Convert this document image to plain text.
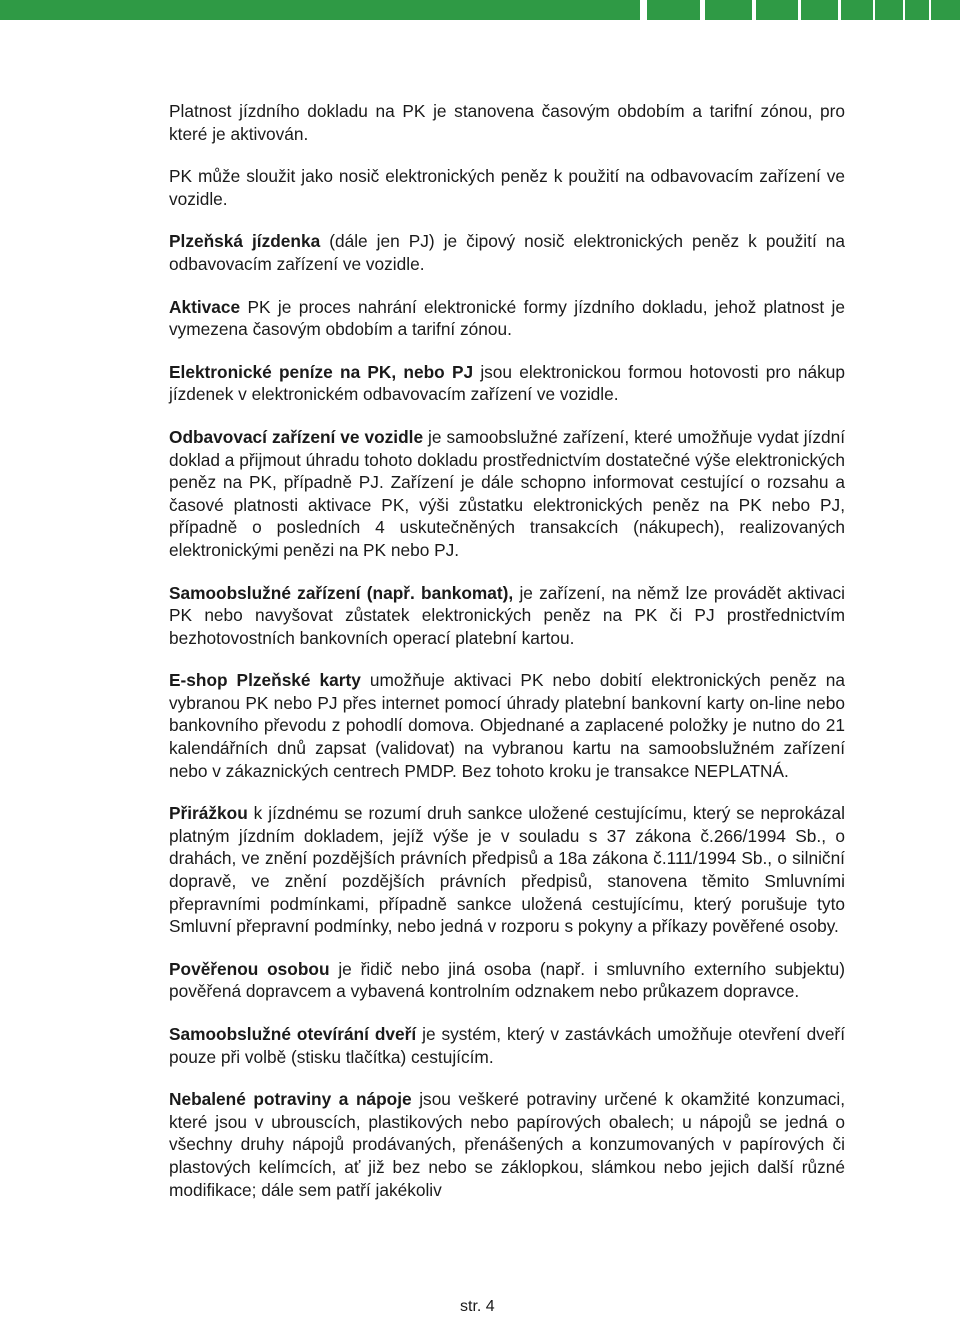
Platnost jízdního dokladu na PK je stanovena časovým obdobím a tarifní zónou, pro které je aktivován.

PK může sloužit jako nosič elektronických peněz k použití na odbavovacím zařízení ve vozidle.

Plzeňská jízdenka (dále jen PJ) je čipový nosič elektronických peněz k použití na odbavovacím zařízení ve vozidle.

Aktivace PK je proces nahrání elektronické formy jízdního dokladu, jehož platnost je vymezena časovým obdobím a tarifní zónou.

Elektronické peníze na PK, nebo PJ jsou elektronickou formou hotovosti pro nákup jízdenek v elektronickém odbavovacím zařízení ve vozidle.

Odbavovací zařízení ve vozidle je samoobslužné zařízení, které umožňuje vydat jízdní doklad a přijmout úhradu tohoto dokladu prostřednictvím dostatečné výše elektronických peněz na PK, případně PJ. Zařízení je dále schopno informovat cestující o rozsahu a časové platnosti aktivace PK, výši zůstatku elektronických peněz na PK nebo PJ, případně o posledních 4 uskutečněných transakcích (nákupech), realizovaných elektronickými penězi na PK nebo PJ.

Samoobslužné zařízení (např. bankomat), je zařízení, na němž lze provádět aktivaci PK nebo navyšovat zůstatek elektronických peněz na PK či PJ prostřednictvím bezhotovostních bankovních operací platební kartou.

E-shop Plzeňské karty umožňuje aktivaci PK nebo dobití elektronických peněz na vybranou PK nebo PJ přes internet pomocí úhrady platební bankovní karty on-line nebo bankovního převodu z pohodlí domova. Objednané a zaplacené položky je nutno do 21 kalendářních dnů zapsat (validovat) na vybranou kartu na samoobslužném zařízení nebo v zákaznických centrech PMDP. Bez tohoto kroku je transakce NEPLATNÁ.

Přirážkou k jízdnému se rozumí druh sankce uložené cestujícímu, který se neprokázal platným jízdním dokladem, jejíž výše je v souladu s 37 zákona č.266/1994 Sb., o drahách, ve znění pozdějších právních předpisů a 18a zákona č.111/1994 Sb., o silniční dopravě, ve znění pozdějších právních předpisů, stanovena těmito Smluvními přepravními podmínkami, případně sankce uložená cestujícímu, který porušuje tyto Smluvní přepravní podmínky, nebo jedná v rozporu s pokyny a příkazy pověřené osoby.

Pověřenou osobou je řidič nebo jiná osoba (např. i smluvního externího subjektu) pověřená dopravcem a vybavená kontrolním odznakem nebo průkazem dopravce.

Samoobslužné otevírání dveří je systém, který v zastávkách umožňuje otevření dveří pouze při volbě (stisku tlačítka) cestujícím.

Nebalené potraviny a nápoje jsou veškeré potraviny určené k okamžité konzumaci, které jsou v ubrouscích, plastikových nebo papírových obalech; u nápojů se jedná o všechny druhy nápojů prodávaných, přenášených a konzumovaných v papírových či plastových kelímcích, ať již bez nebo se záklopkou, slámkou nebo jejich další různé modifikace; dále sem patří jakékoliv

str. 4
